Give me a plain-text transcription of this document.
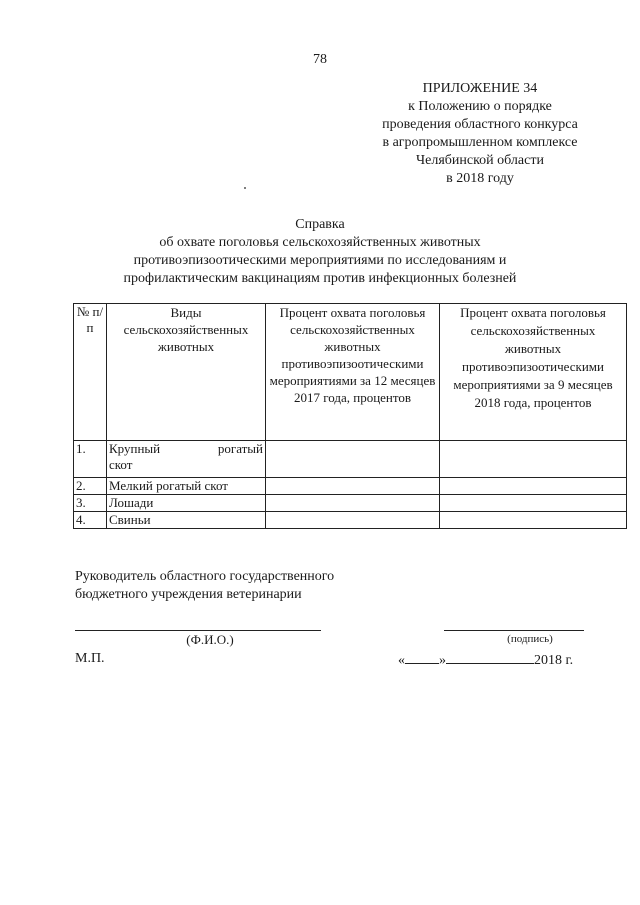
78
ПРИЛОЖЕНИЕ 34
к Положению о порядке
проведения областного конкурса
в агропромышленном комплексе
Челябинской области
в 2018 году
Справка
об охвате поголовья сельскохозяйственных животных
противоэпизоотическими мероприятиями по исследованиям и
профилактическим вакцинациям против инфекционных болезней
№ п/п	Виды сельскохозяйственных животных	Процент охвата поголовья сельскохозяйственных животных противоэпизоотическими мероприятиями за 12 месяцев 2017 года, процентов	Процент охвата поголовья сельскохозяйственных животных противоэпизоотическими мероприятиями за 9 месяцев 2018 года, процентов
1.	Крупный рогатый
скот		

2.	Мелкий рогатый скот		
3.	Лошади		
4.	Свиньи		
Руководитель областного государственного
бюджетного учреждения ветеринарии
(Ф.И.О.)	(подпись)
М.П.	« »	2018 г.
